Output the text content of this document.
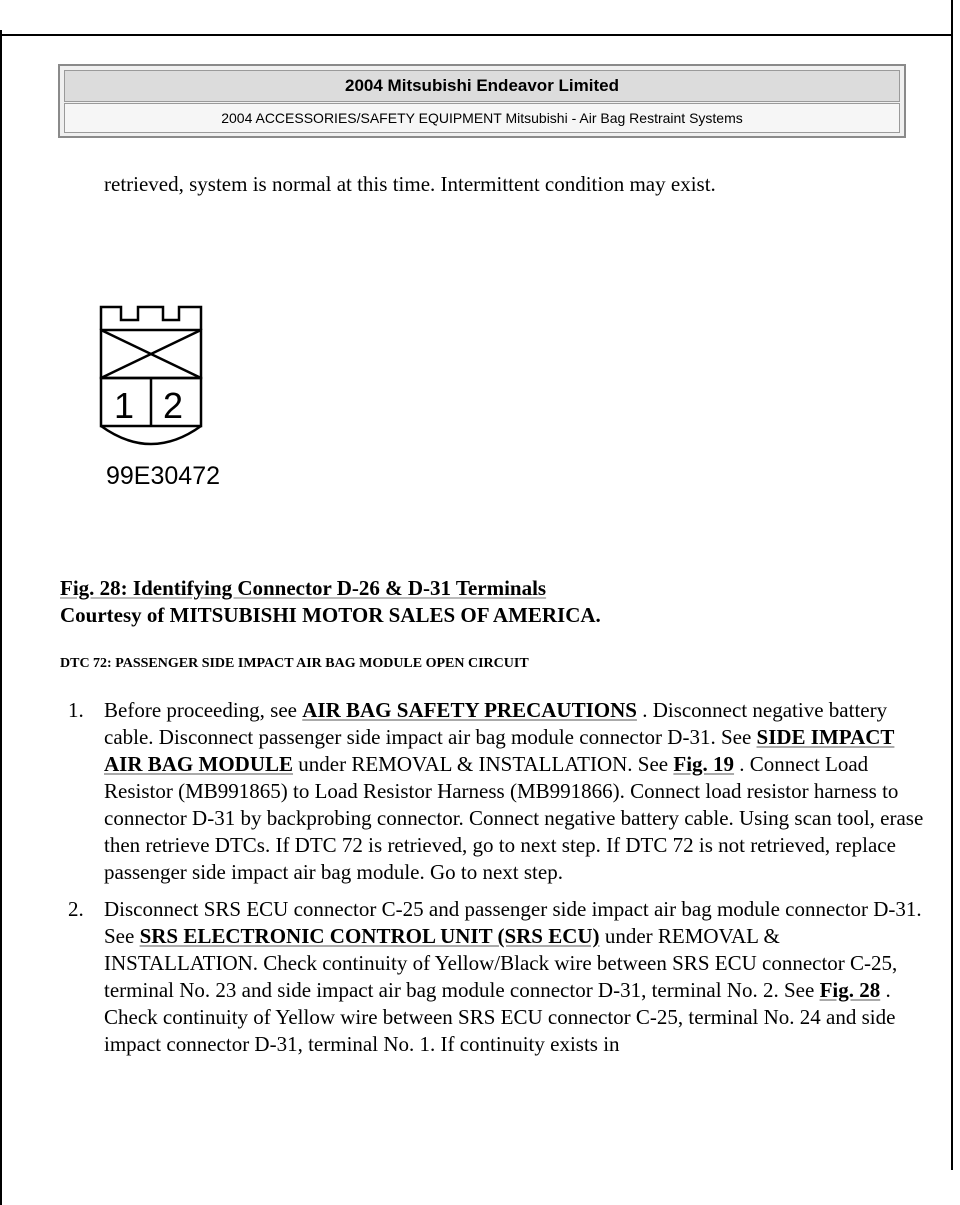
2004 Mitsubishi Endeavor Limited
2004 ACCESSORIES/SAFETY EQUIPMENT Mitsubishi - Air Bag Restraint Systems
retrieved, system is normal at this time. Intermittent condition may exist.
1 2
99E30472
Fig. 28: Identifying Connector D-26 & D-31 Terminals
Courtesy of MITSUBISHI MOTOR SALES OF AMERICA.
DTC 72: PASSENGER SIDE IMPACT AIR BAG MODULE OPEN CIRCUIT
1. Before proceeding, see AIR BAG SAFETY PRECAUTIONS . Disconnect negative battery cable. Disconnect passenger side impact air bag module connector D-31. See SIDE IMPACT AIR BAG MODULE under REMOVAL & INSTALLATION. See Fig. 19 . Connect Load Resistor (MB991865) to Load Resistor Harness (MB991866). Connect load resistor harness to connector D-31 by backprobing connector. Connect negative battery cable. Using scan tool, erase then retrieve DTCs. If DTC 72 is retrieved, go to next step. If DTC 72 is not retrieved, replace passenger side impact air bag module. Go to next step.
2. Disconnect SRS ECU connector C-25 and passenger side impact air bag module connector D-31. See SRS ELECTRONIC CONTROL UNIT (SRS ECU) under REMOVAL & INSTALLATION. Check continuity of Yellow/Black wire between SRS ECU connector C-25, terminal No. 23 and side impact air bag module connector D-31, terminal No. 2. See Fig. 28 . Check continuity of Yellow wire between SRS ECU connector C-25, terminal No. 24 and side impact connector D-31, terminal No. 1. If continuity exists in
